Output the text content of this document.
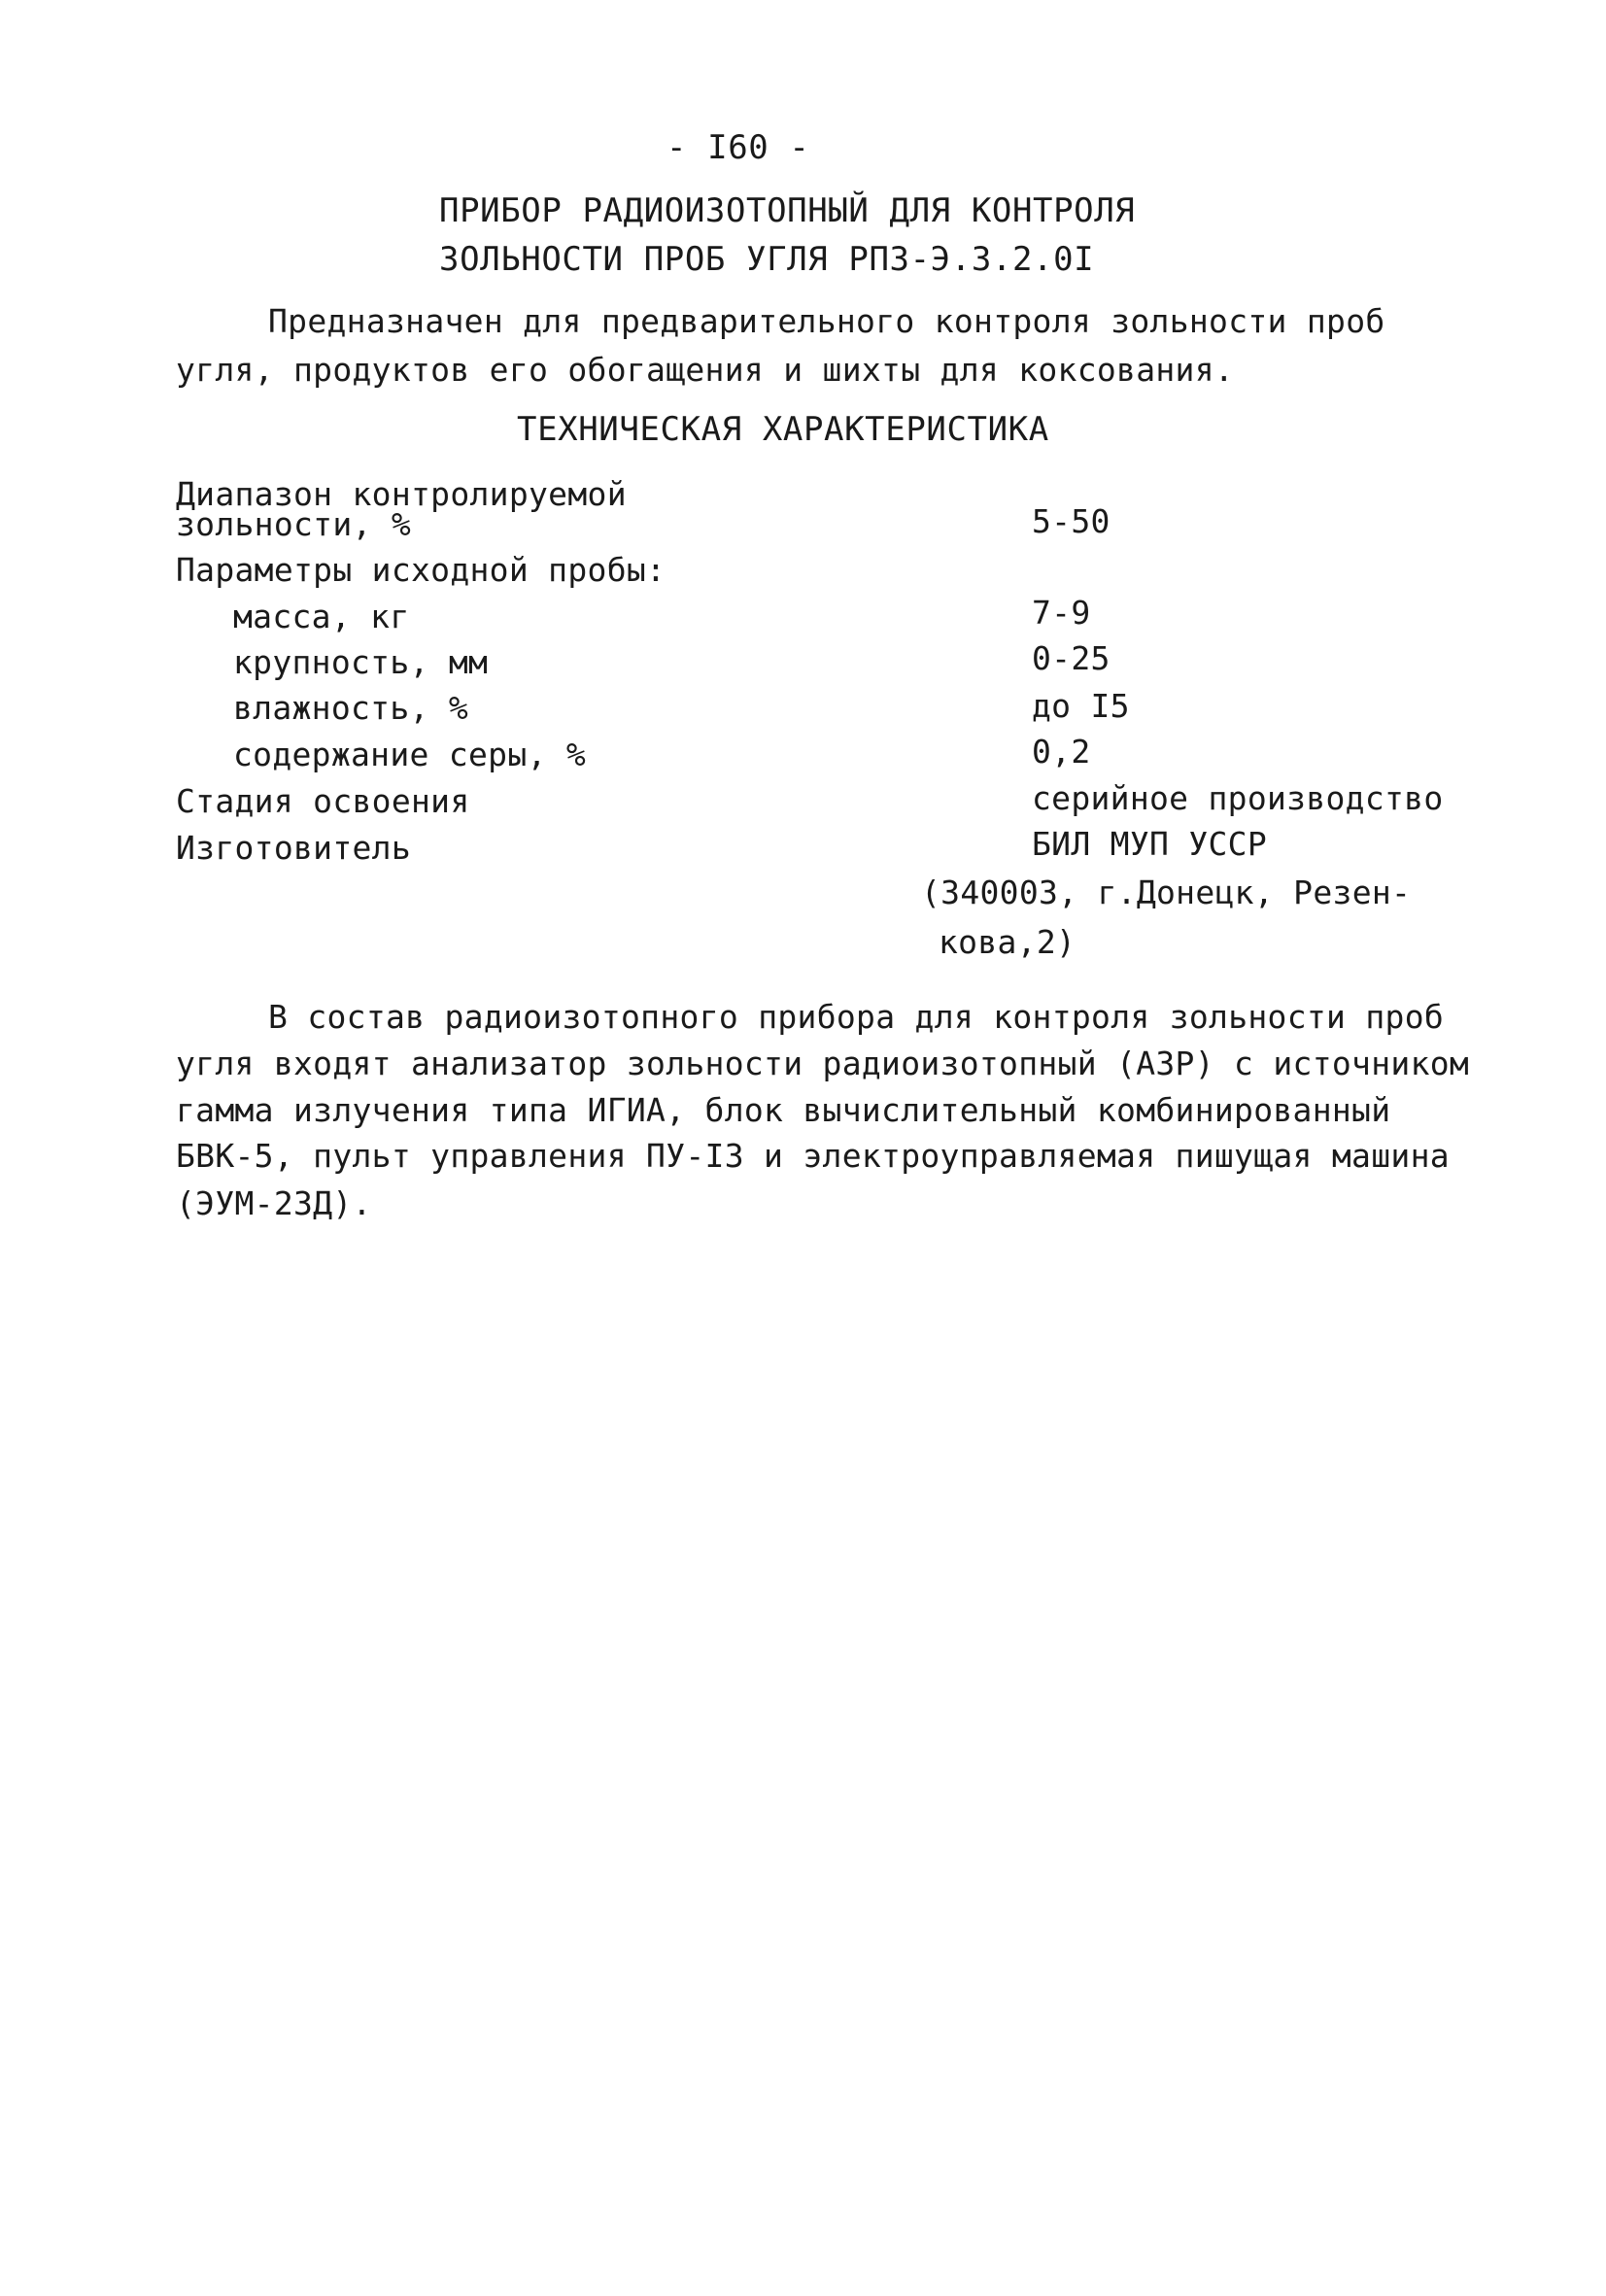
- I60 -
ПРИБОР РАДИОИЗОТОПНЫЙ ДЛЯ КОНТРОЛЯ
ЗОЛЬНОСТИ ПРОБ УГЛЯ РПЗ-Э.3.2.0I
Предназначен для предварительного контроля зольности проб
угля, продуктов его обогащения и шихты для коксования.
ТЕХНИЧЕСКАЯ ХАРАКТЕРИСТИКА
Диапазон контролируемой
зольности, %	5-50
Параметры исходной пробы:
масса, кг	7-9
крупность, мм	0-25
влажность, %	до I5
содержание серы, %	0,2
Стадия освоения	серийное производство
Изготовитель	БИЛ МУП УССР
(340003, г.Донецк, Резен-
кова,2)
В состав радиоизотопного прибора для контроля зольности проб
угля входят анализатор зольности радиоизотопный (АЗР) с источником
гамма излучения типа ИГИА, блок вычислительный комбинированный
БВК-5, пульт управления ПУ-I3 и электроуправляемая пишущая машина
(ЭУМ-23Д).
